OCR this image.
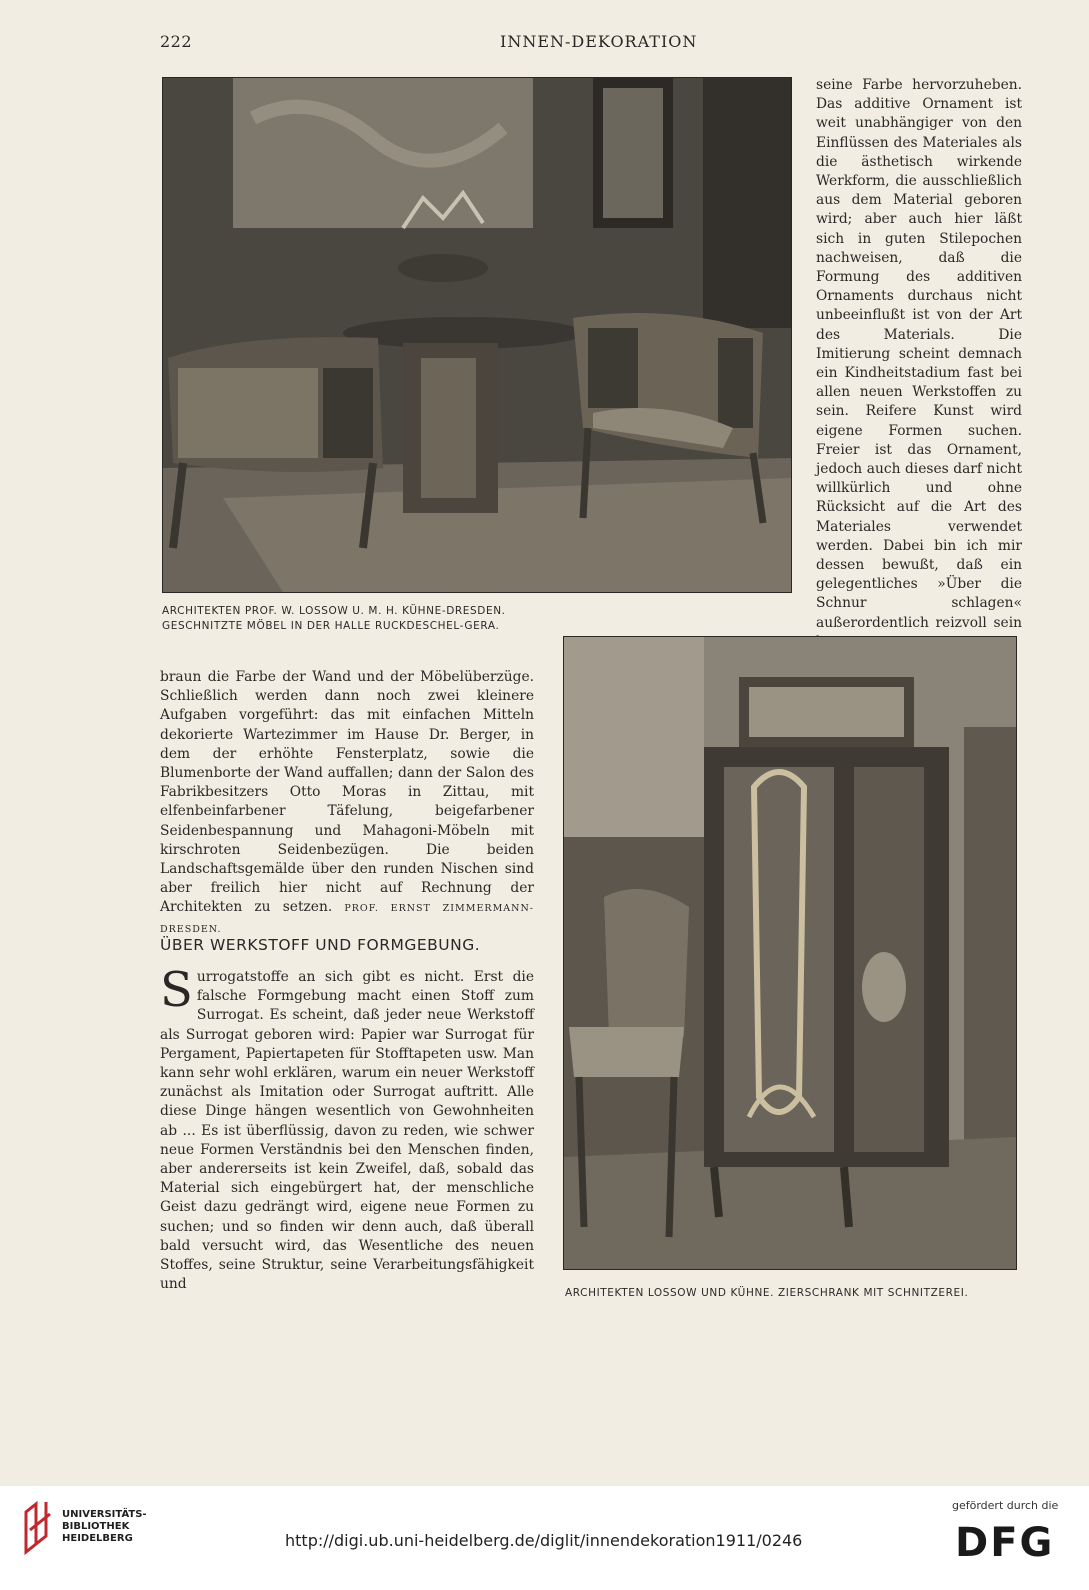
222	INNEN-DEKORATION

seine Farbe hervorzuheben. Das additive Ornament ist weit unabhängiger von den Einflüssen des Materiales als die ästhetisch wirkende Werkform, die ausschließlich aus dem Material geboren wird; aber auch hier läßt sich in guten Stilepochen nachweisen, daß die Formung des additiven Ornaments durchaus nicht unbeeinflußt ist von der Art des Materials. Die Imitierung scheint demnach ein Kindheitstadium fast bei allen neuen Werkstoffen zu sein. Reifere Kunst wird eigene Formen suchen. Freier ist das Ornament, jedoch auch dieses darf nicht willkürlich und ohne Rücksicht auf die Art des Materiales verwendet werden. Dabei bin ich mir dessen bewußt, daß ein gelegentliches »Über die Schnur schlagen« außerordentlich reizvoll sein

ARCHITEKTEN PROF. W. LOSSOW U. M. H. KÜHNE-DRESDEN.
GESCHNITZTE MÖBEL IN DER HALLE RUCKDESCHEL-GERA.

braun die Farbe der Wand und der Möbelüberzüge. Schließlich werden dann noch zwei kleinere Aufgaben vorgeführt: das mit einfachen Mitteln dekorierte Wartezimmer im Hause Dr. Berger, in dem der erhöhte Fensterplatz, sowie die Blumenborte der Wand auffallen; dann der Salon des Fabrikbesitzers Otto Moras in Zittau, mit elfenbeinfarbener Täfelung, beigefarbener Seidenbespannung und Mahagoni-Möbeln mit kirschroten Seidenbezügen. Die beiden Landschaftsgemälde über den runden Nischen sind aber freilich hier nicht auf Rechnung der Architekten zu setzen. PROF. ERNST ZIMMERMANN-DRESDEN.

ÜBER WERKSTOFF UND FORMGEBUNG.

Surrogatstoffe an sich gibt es nicht. Erst die falsche Formgebung macht einen Stoff zum Surrogat. Es scheint, daß jeder neue Werkstoff als Surrogat geboren wird: Papier war Surrogat für Pergament, Papiertapeten für Stofftapeten usw. Man kann sehr wohl erklären, warum ein neuer Werkstoff zunächst als Imitation oder Surrogat auftritt. Alle diese Dinge hängen wesentlich von Gewohnheiten ab ... Es ist überflüssig, davon zu reden, wie schwer neue Formen Verständnis bei den Menschen finden, aber andererseits ist kein Zweifel, daß, sobald das Material sich eingebürgert hat, der menschliche Geist dazu gedrängt wird, eigene neue Formen zu suchen; und so finden wir denn auch, daß überall bald versucht wird, das Wesentliche des neuen Stoffes, seine Struktur, seine Verarbeitungsfähigkeit und

ARCHITEKTEN LOSSOW UND KÜHNE. ZIERSCHRANK MIT SCHNITZEREI.
UNIVERSITÄTS-
BIBLIOTHEK
HEIDELBERG	http://digi.ub.uni-heidelberg.de/diglit/innendekoration1911/0246
gefördert durch die
DFG
